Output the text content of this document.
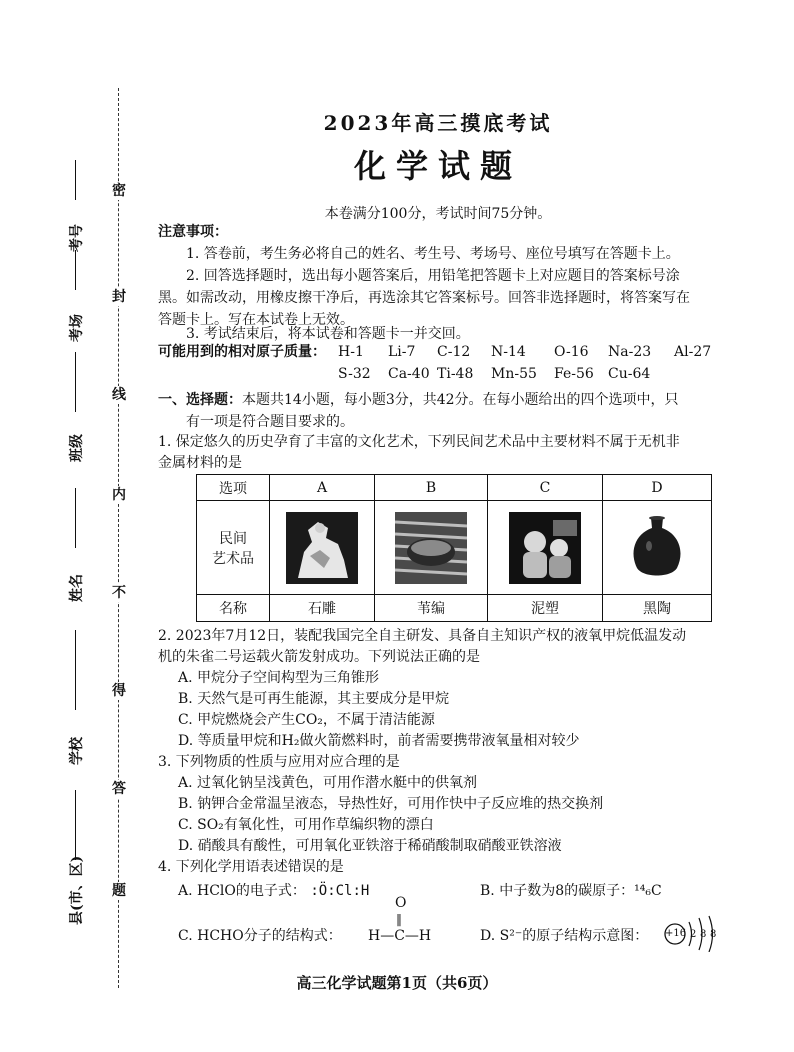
密
封
线
内
不
得
答
题
考号
考场
班级
姓名
学校
县(市、区)
2023年高三摸底考试
化学试题
本卷满分100分，考试时间75分钟。
注意事项：
1. 答卷前，考生务必将自己的姓名、考生号、考场号、座位号填写在答题卡上。
2. 回答选择题时，选出每小题答案后，用铅笔把答题卡上对应题目的答案标号涂
黑。如需改动，用橡皮擦干净后，再选涂其它答案标号。回答非选择题时，将答案写在
答题卡上。写在本试卷上无效。
3. 考试结束后，将本试卷和答题卡一并交回。
可能用到的相对原子质量： H-1 Li-7 C-12 N-14 O-16 Na-23 Al-27
S-32 Ca-40 Ti-48 Mn-55 Fe-56 Cu-64
一、选择题：本题共14小题，每小题3分，共42分。在每小题给出的四个选项中，只
有一项是符合题目要求的。
1. 保定悠久的历史孕育了丰富的文化艺术，下列民间艺术品中主要材料不属于无机非
金属材料的是
选项	A	B	C	D

民间
艺术品

名称	石雕	苇编	泥塑	黑陶
2. 2023年7月12日，装配我国完全自主研发、具备自主知识产权的液氧甲烷低温发动
机的朱雀二号运载火箭发射成功。下列说法正确的是
A. 甲烷分子空间构型为三角锥形
B. 天然气是可再生能源，其主要成分是甲烷
C. 甲烷燃烧会产生CO₂，不属于清洁能源
D. 等质量甲烷和H₂做火箭燃料时，前者需要携带液氧量相对较少
3. 下列物质的性质与应用对应合理的是
A. 过氧化钠呈浅黄色，可用作潜水艇中的供氧剂
B. 钠钾合金常温呈液态，导热性好，可用作快中子反应堆的热交换剂
C. SO₂有氧化性，可用作草编织物的漂白
D. 硝酸具有酸性，可用氧化亚铁溶于稀硝酸制取硝酸亚铁溶液
4. 下列化学用语表述错误的是
A. HClO的电子式： :Ö:Cl:H	B. 中子数为8的碳原子：¹⁴₆C
C. HCHO分子的结构式：
O
‖
H—C—H	D. S²⁻的原子结构示意图： +16 2 8 8
高三化学试题第1页（共6页）
